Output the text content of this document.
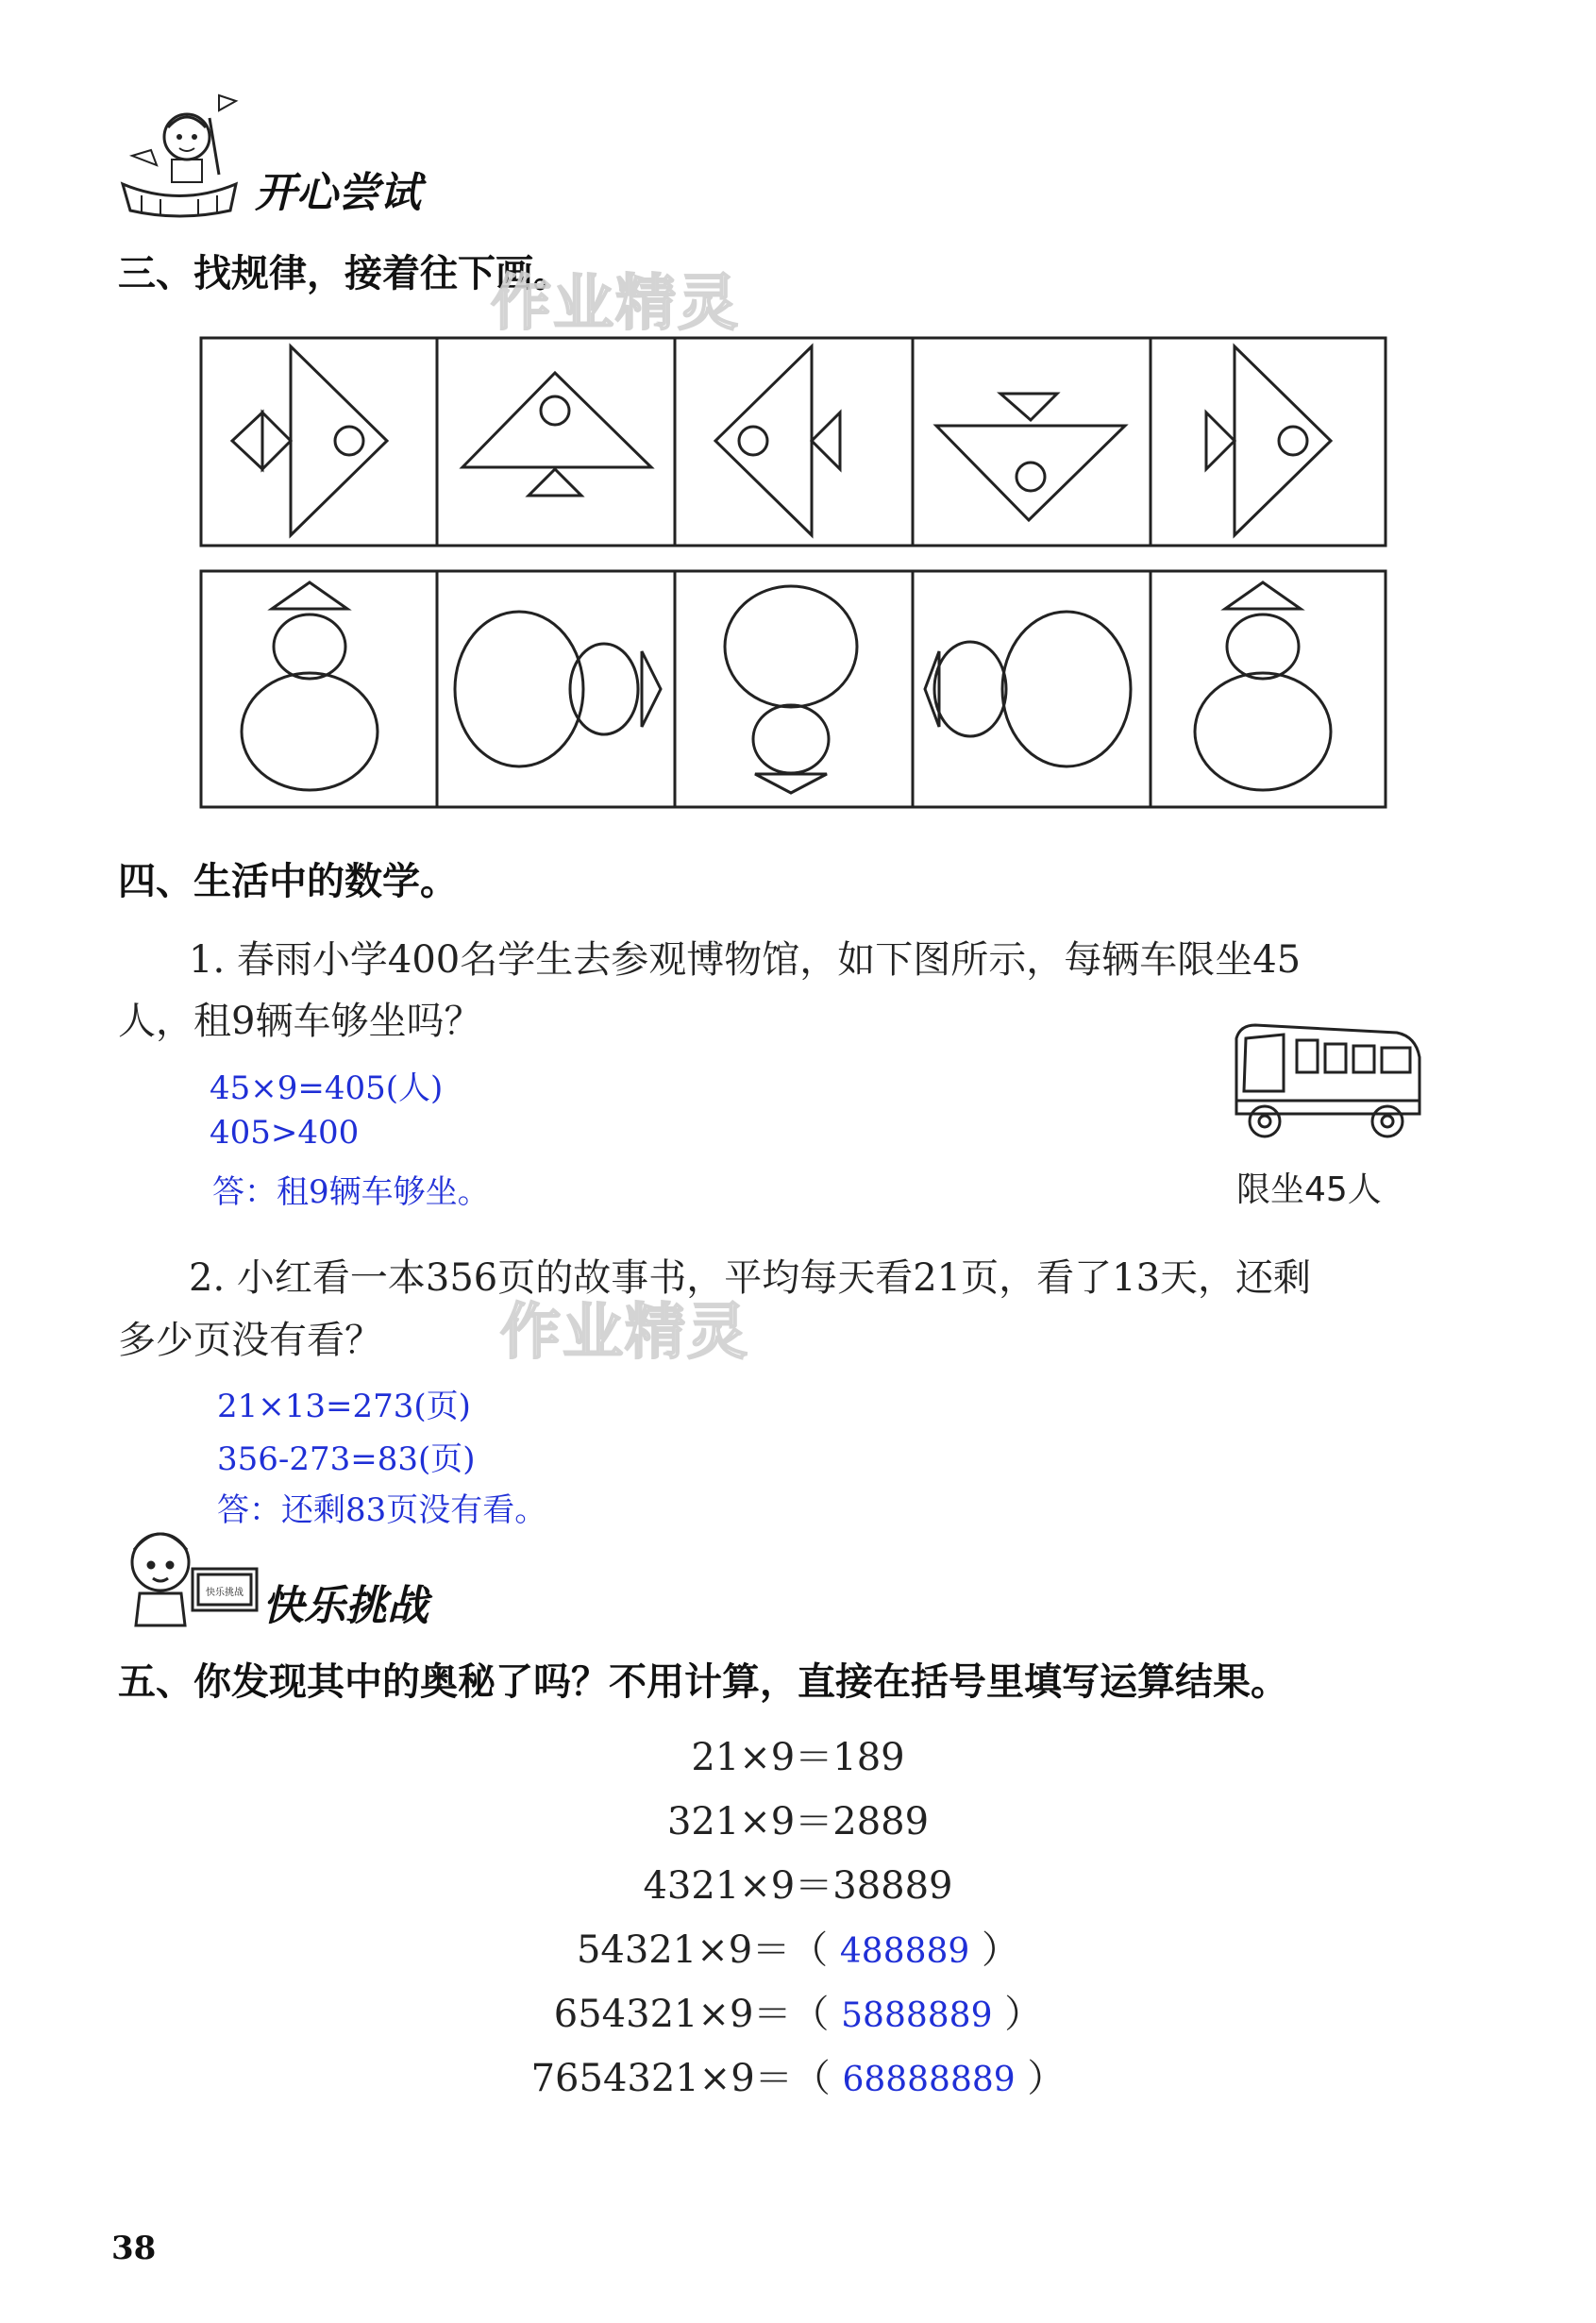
开心尝试
三、找规律，接着往下画。
作业精灵
四、生活中的数学。
1. 春雨小学400名学生去参观博物馆，如下图所示，每辆车限坐45
人，租9辆车够坐吗？
45×9=405(人)
405>400
答：租9辆车够坐。	限坐45人
2. 小红看一本356页的故事书，平均每天看21页，看了13天，还剩
多少页没有看？ 作业精灵
21×13=273(页)
356-273=83(页)
答：还剩83页没有看。
快乐挑战 快乐挑战
五、你发现其中的奥秘了吗？不用计算，直接在括号里填写运算结果。
21×9＝189
321×9＝2889
4321×9＝38889
54321×9＝（ 488889 ）
654321×9＝（ 5888889 ）
7654321×9＝（ 68888889 ）
38
